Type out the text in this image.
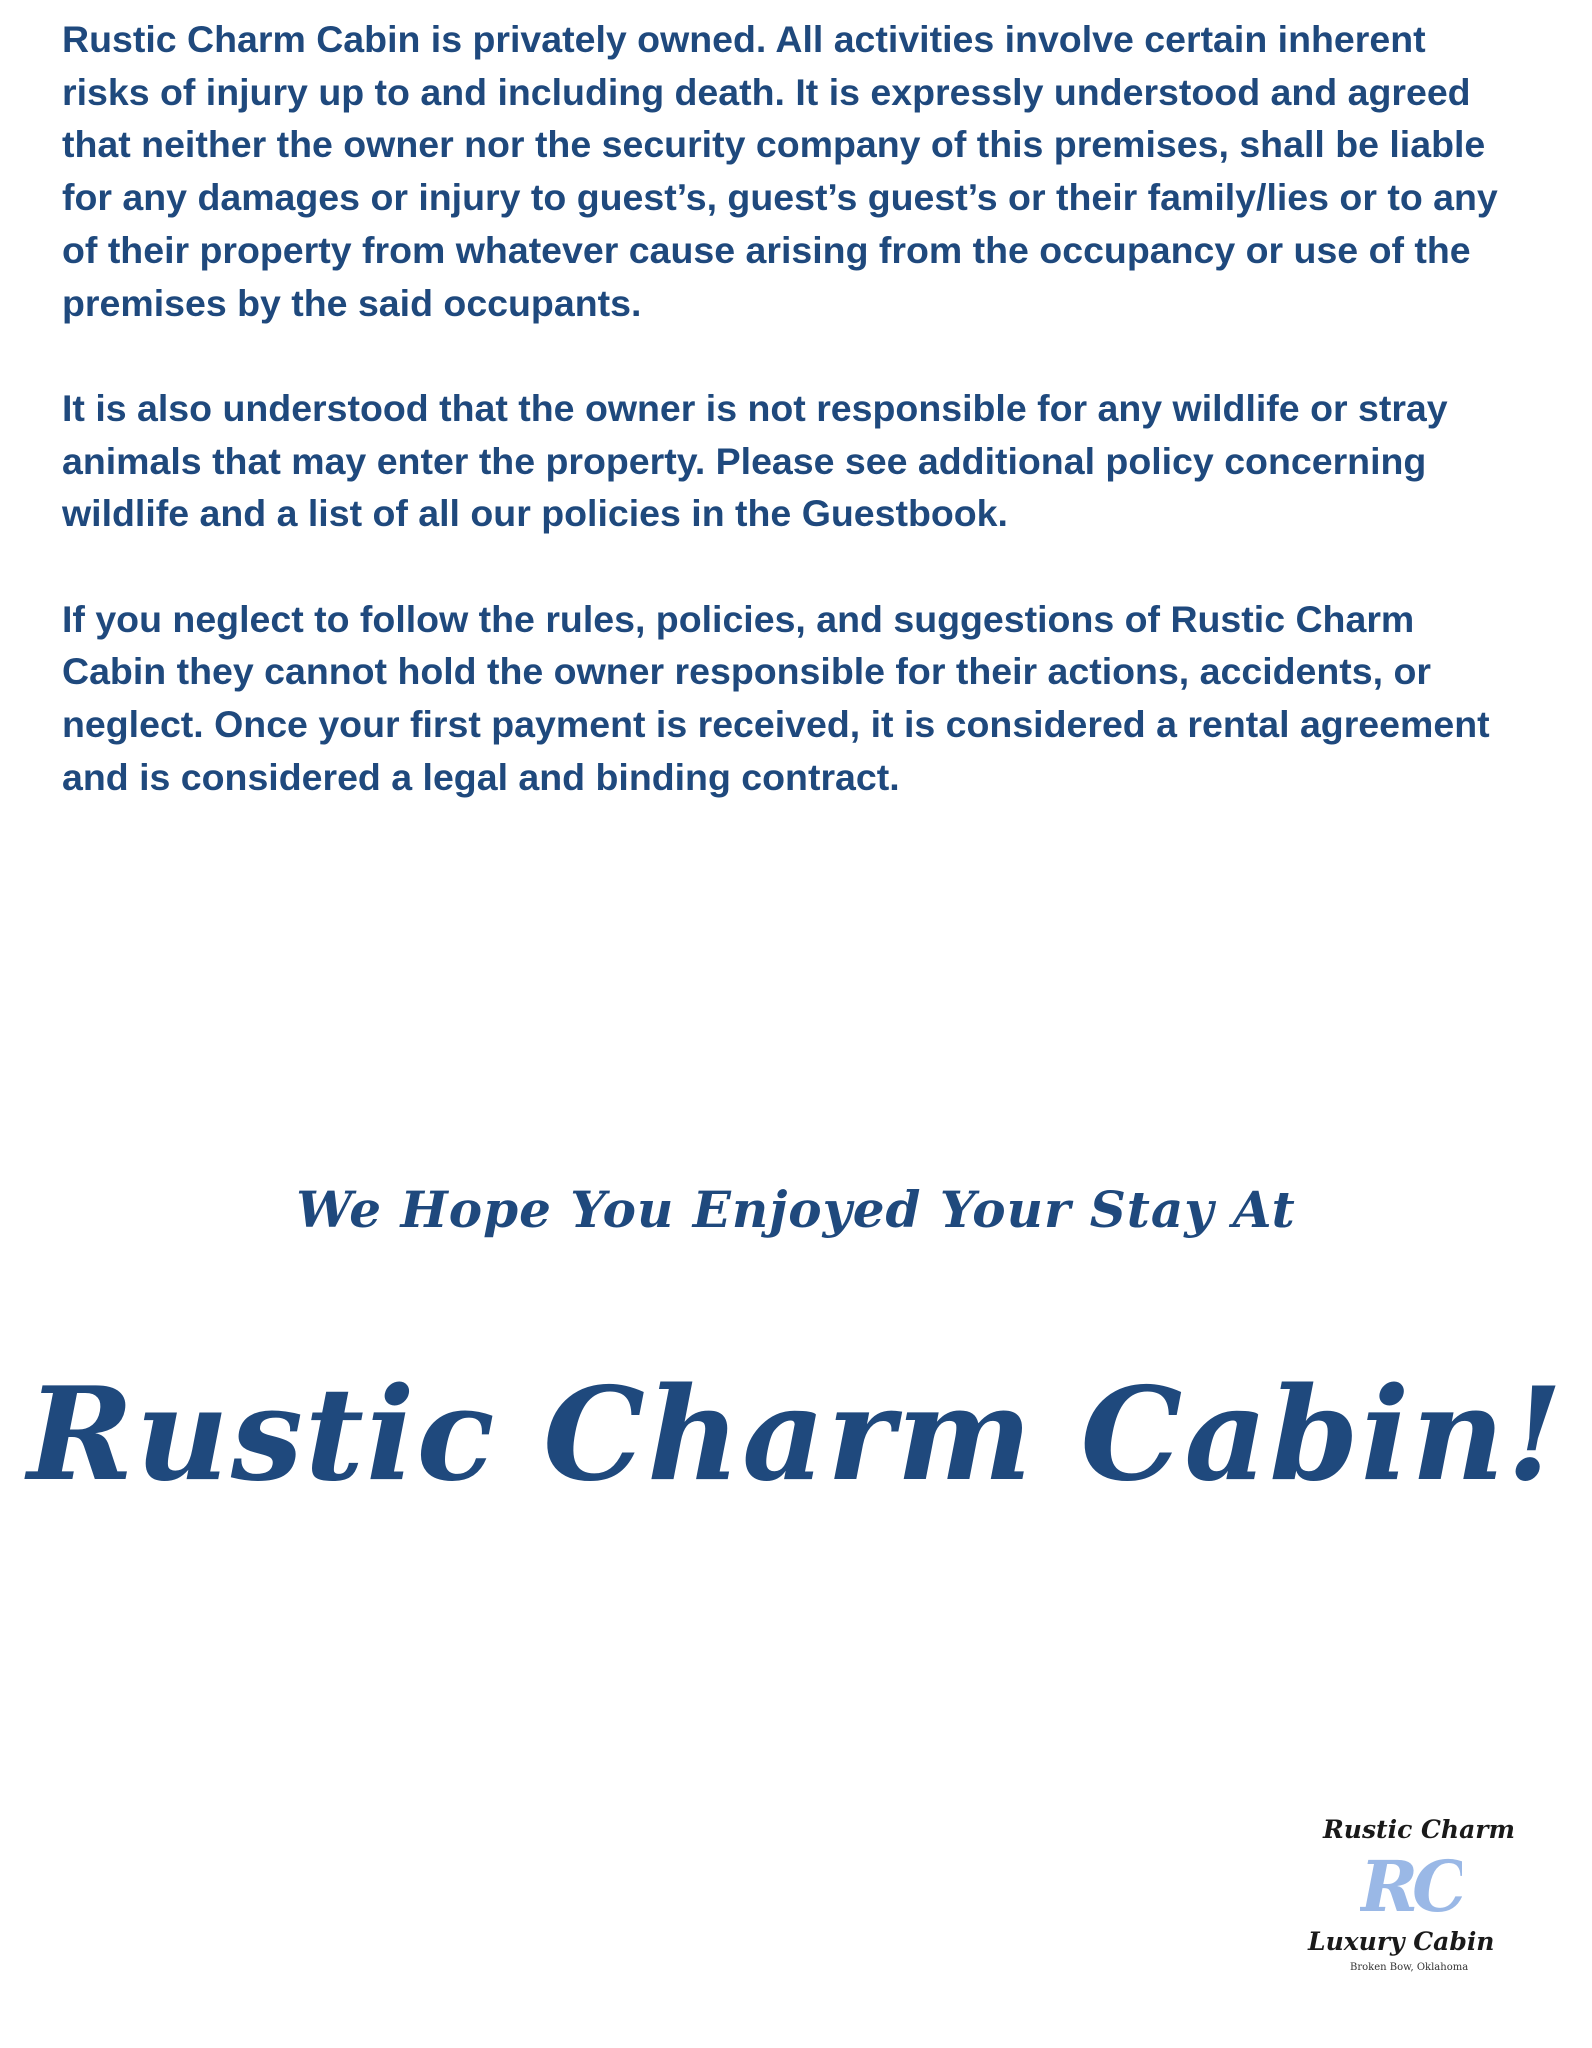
Rustic Charm Cabin is privately owned. All activities involve certain inherent
risks of injury up to and including death. It is expressly understood and agreed
that neither the owner nor the security company of this premises, shall be liable
for any damages or injury to guest’s, guest’s guest’s or their family/lies or to any
of their property from whatever cause arising from the occupancy or use of the
premises by the said occupants.

It is also understood that the owner is not responsible for any wildlife or stray
animals that may enter the property. Please see additional policy concerning
wildlife and a list of all our policies in the Guestbook.

If you neglect to follow the rules, policies, and suggestions of Rustic Charm
Cabin they cannot hold the owner responsible for their actions, accidents, or
neglect. Once your first payment is received, it is considered a rental agreement
and is considered a legal and binding contract.

We Hope You Enjoyed Your Stay At
Rustic Charm Cabin!
Rustic Charm
RC
Luxury Cabin
Broken Bow, Oklahoma
